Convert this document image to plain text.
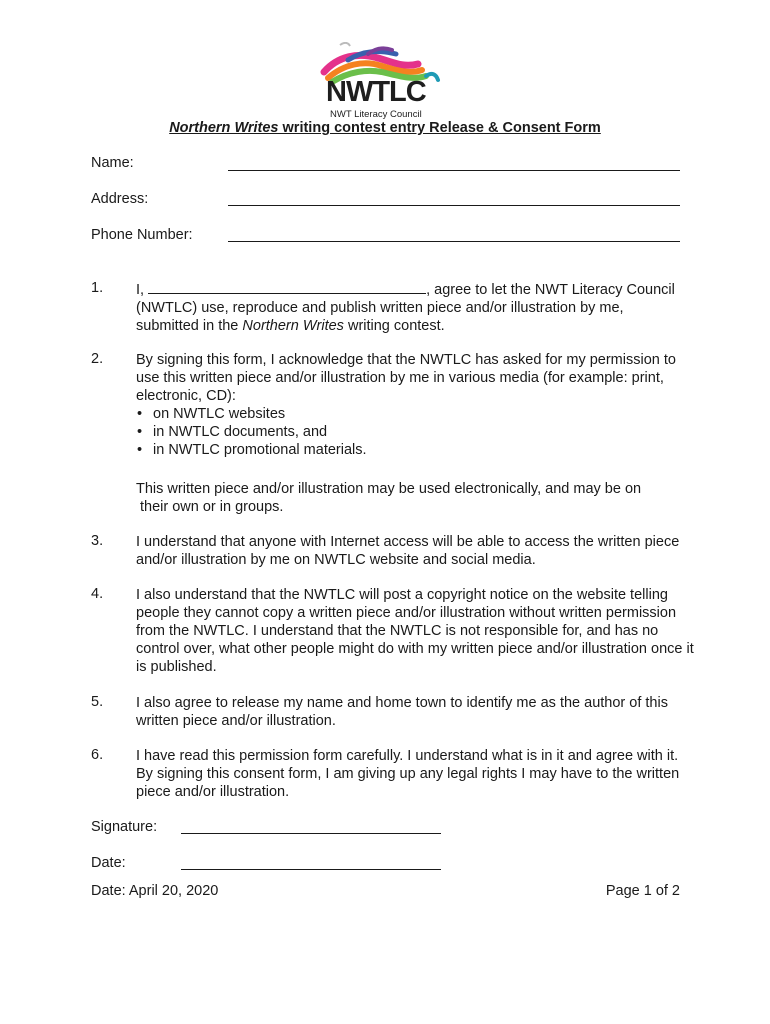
NWTLC
NWT Literacy Council
Northern Writes writing contest entry Release & Consent Form
Name:
Address:
Phone Number:
1. I,	, agree to let the NWT Literacy Council (NWTLC) use, reproduce and publish written piece and/or illustration by me, submitted in the Northern Writes writing contest.

2. By signing this form, I acknowledge that the NWTLC has asked for my permission to use this written piece and/or illustration by me in various media (for example: print, electronic, CD):

• on NWTLC websites
• in NWTLC documents, and
• in NWTLC promotional materials.
This written piece and/or illustration may be used electronically, and may be on
their own or in groups.
3. I understand that anyone with Internet access will be able to access the written piece and/or illustration by me on NWTLC website and social media.

4. I also understand that the NWTLC will post a copyright notice on the website telling people they cannot copy a written piece and/or illustration without written permission from the NWTLC. I understand that the NWTLC is not responsible for, and has no control over, what other people might do with my written piece and/or illustration once it is published.

5. I also agree to release my name and home town to identify me as the author of this written piece and/or illustration.

6. I have read this permission form carefully. I understand what is in it and agree with it. By signing this consent form, I am giving up any legal rights I may have to the written piece and/or illustration.

Signature:
Date:
Date: April 20, 2020	Page 1 of 2
